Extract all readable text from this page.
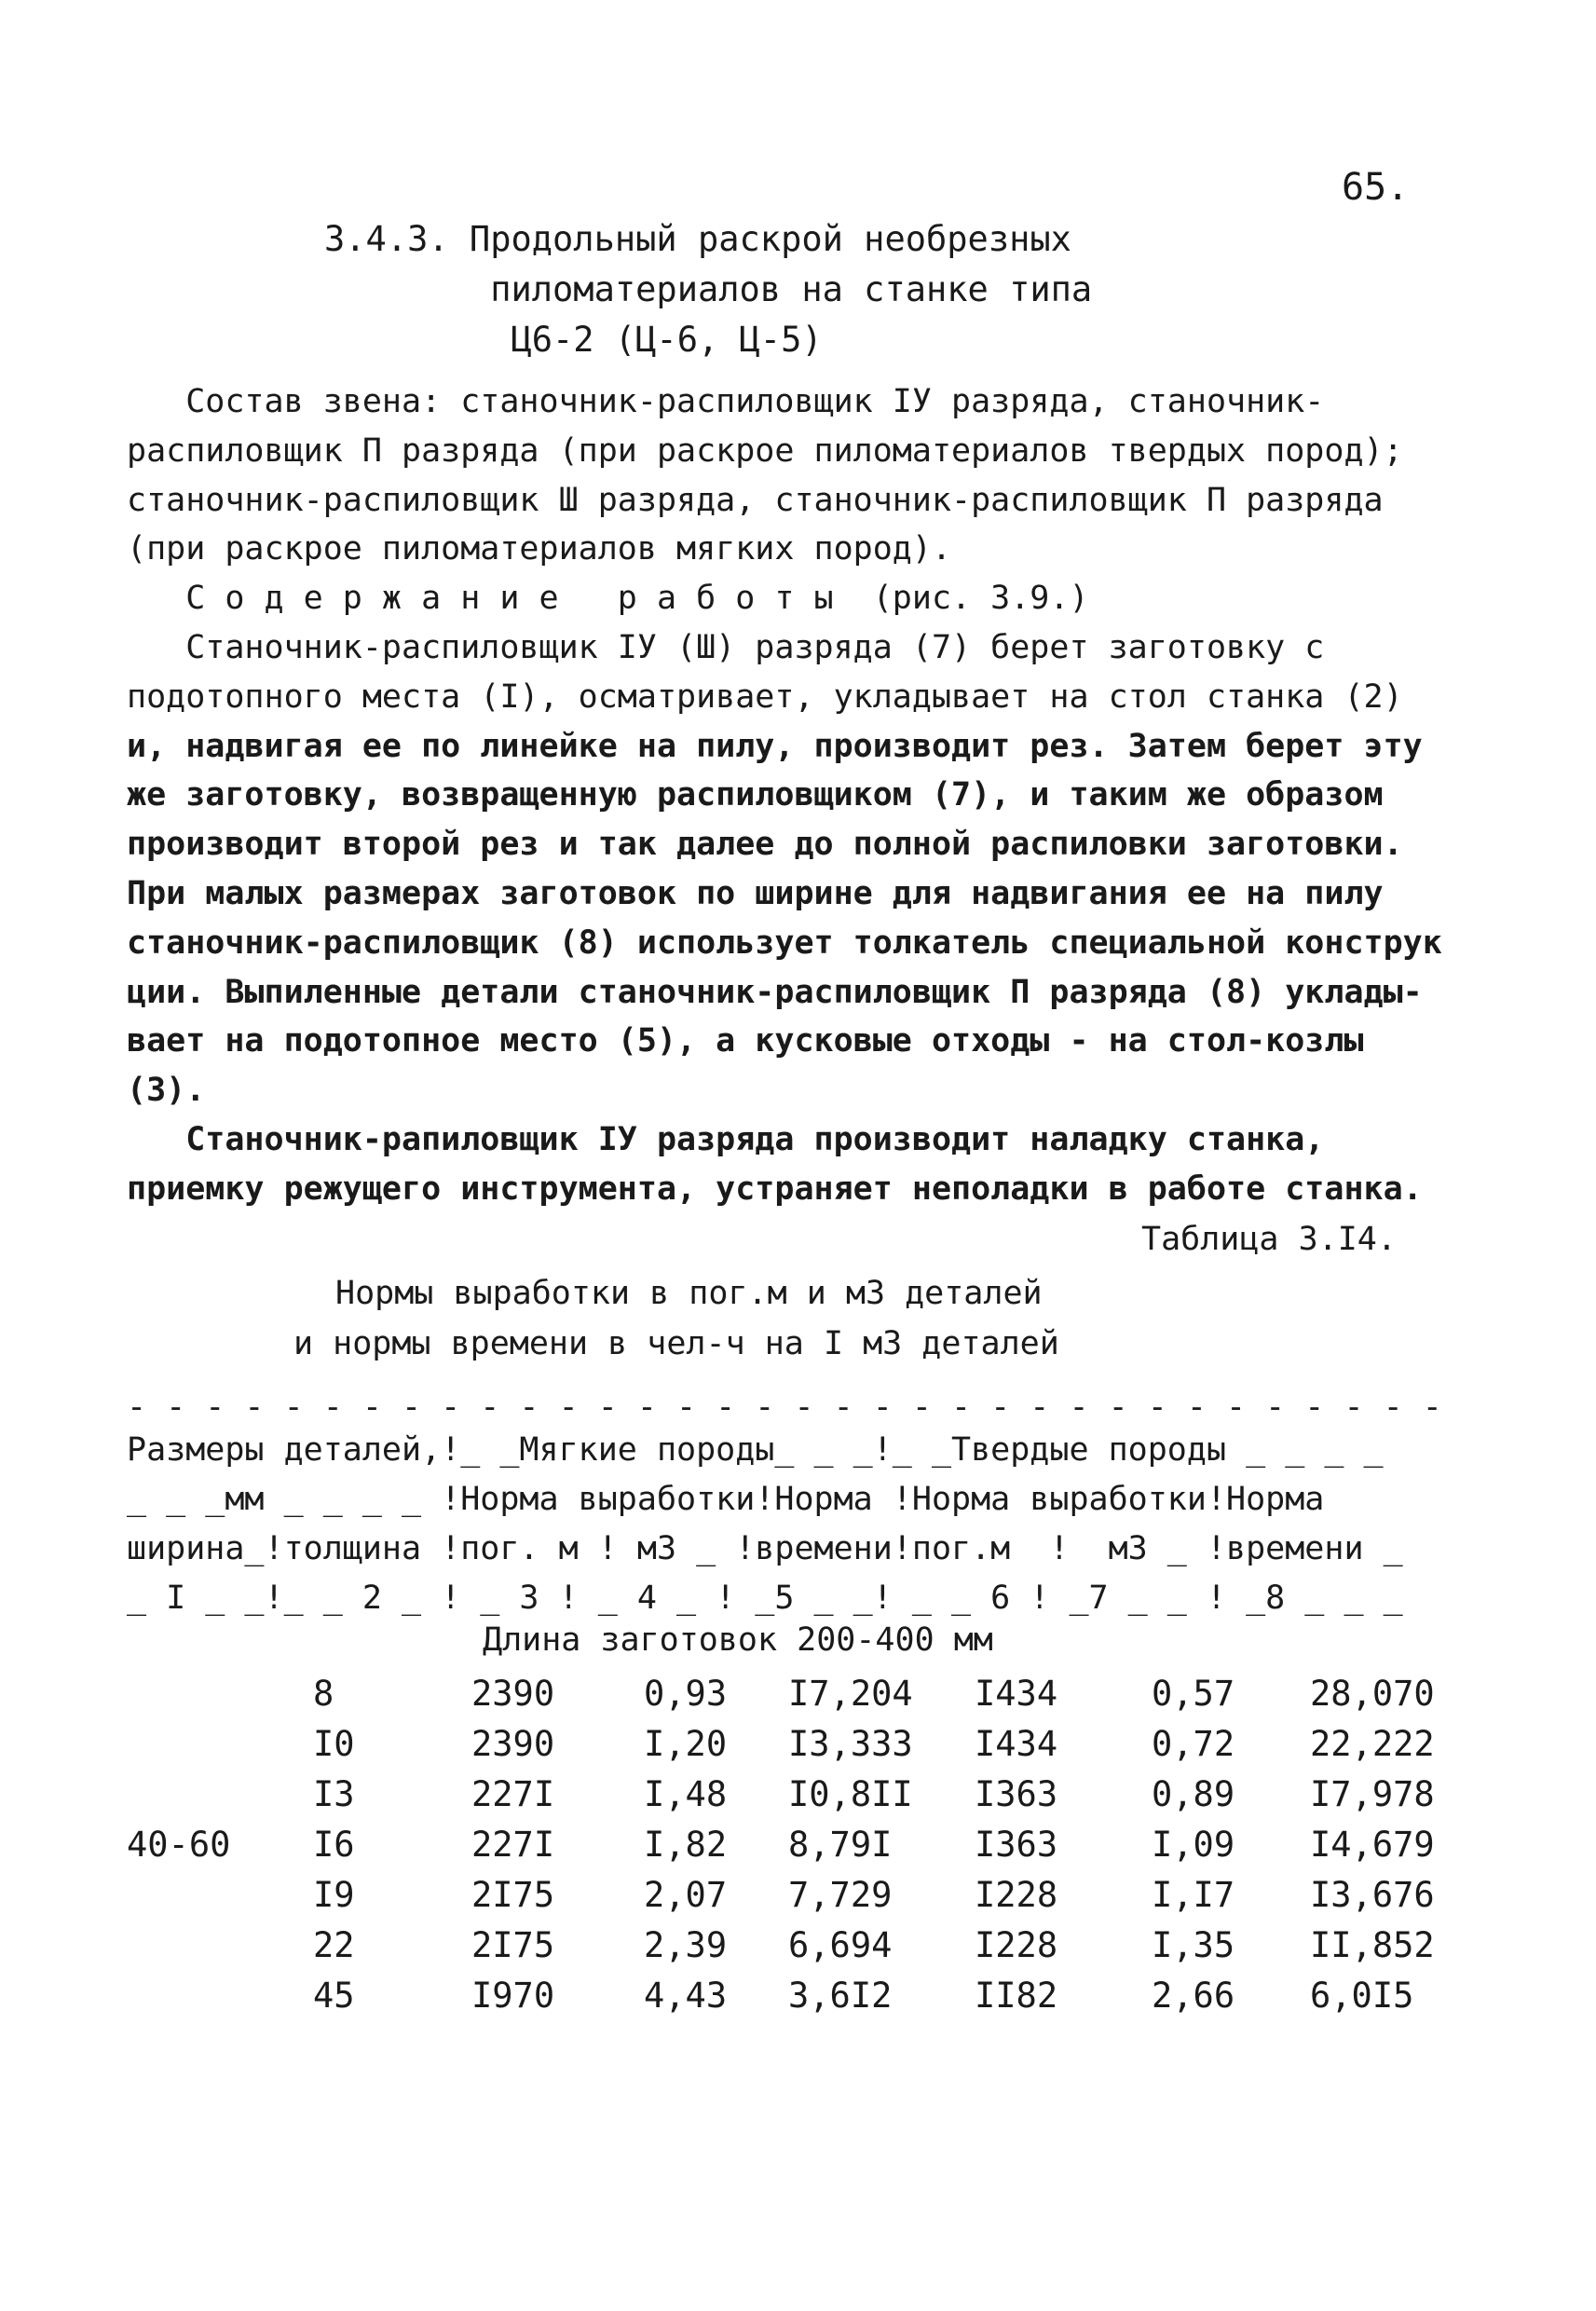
65.
3.4.3. Продольный раскрой необрезных
пиломатериалов на станке типа
Ц6-2 (Ц-6, Ц-5)
Состав звена: станочник-распиловщик IУ разряда, станочник-
распиловщик П разряда (при раскрое пиломатериалов твердых пород);
станочник-распиловщик Ш разряда, станочник-распиловщик П разряда
(при раскрое пиломатериалов мягких пород).
С о д е р ж а н и е   р а б о т ы  (рис. 3.9.)
Станочник-распиловщик IУ (Ш) разряда (7) берет заготовку с
подотопного места (I), осматривает, укладывает на стол станка (2)
и, надвигая ее по линейке на пилу, производит рез. Затем берет эту
же заготовку, возвращенную распиловщиком (7), и таким же образом
производит второй рез и так далее до полной распиловки заготовки.
При малых размерах заготовок по ширине для надвигания ее на пилу
станочник-распиловщик (8) использует толкатель специальной конструк
ции. Выпиленные детали станочник-распиловщик П разряда (8) уклады-
вает на подотопное место (5), а кусковые отходы - на стол-козлы
(3).
Станочник-рапиловщик IУ разряда производит наладку станка,
приемку режущего инструмента, устраняет неполадки в работе станка.
Таблица 3.I4.
Нормы выработки в пог.м и м3 деталей
и нормы времени в чел-ч на I м3 деталей
- - - - - - - - - - - - - - - - - - - - - - - - - - - - - - - - - -
Размеры деталей,!_ _Мягкие породы_ _ _!_ _Твердые породы _ _ _ _
_ _ _мм _ _ _ _ !Норма выработки!Норма !Норма выработки!Норма
ширина_!толщина !пог. м ! м3 _ !времени!пог.м  !  м3 _ !времени _
_ I _ _!_ _ 2 _ ! _ 3 ! _ 4 _ ! _5 _ _! _ _ 6 ! _7 _ _ ! _8 _ _ _
Длина заготовок 200-400 мм
	8	2390	0,93	I7,204	I434	0,57	28,070
	I0	2390	I,20	I3,333	I434	0,72	22,222
	I3	227I	I,48	I0,8II	I363	0,89	I7,978
40-60	I6	227I	I,82	8,79I	I363	I,09	I4,679
	I9	2I75	2,07	7,729	I228	I,I7	I3,676
	22	2I75	2,39	6,694	I228	I,35	II,852
	45	I970	4,43	3,6I2	II82	2,66	6,0I5
